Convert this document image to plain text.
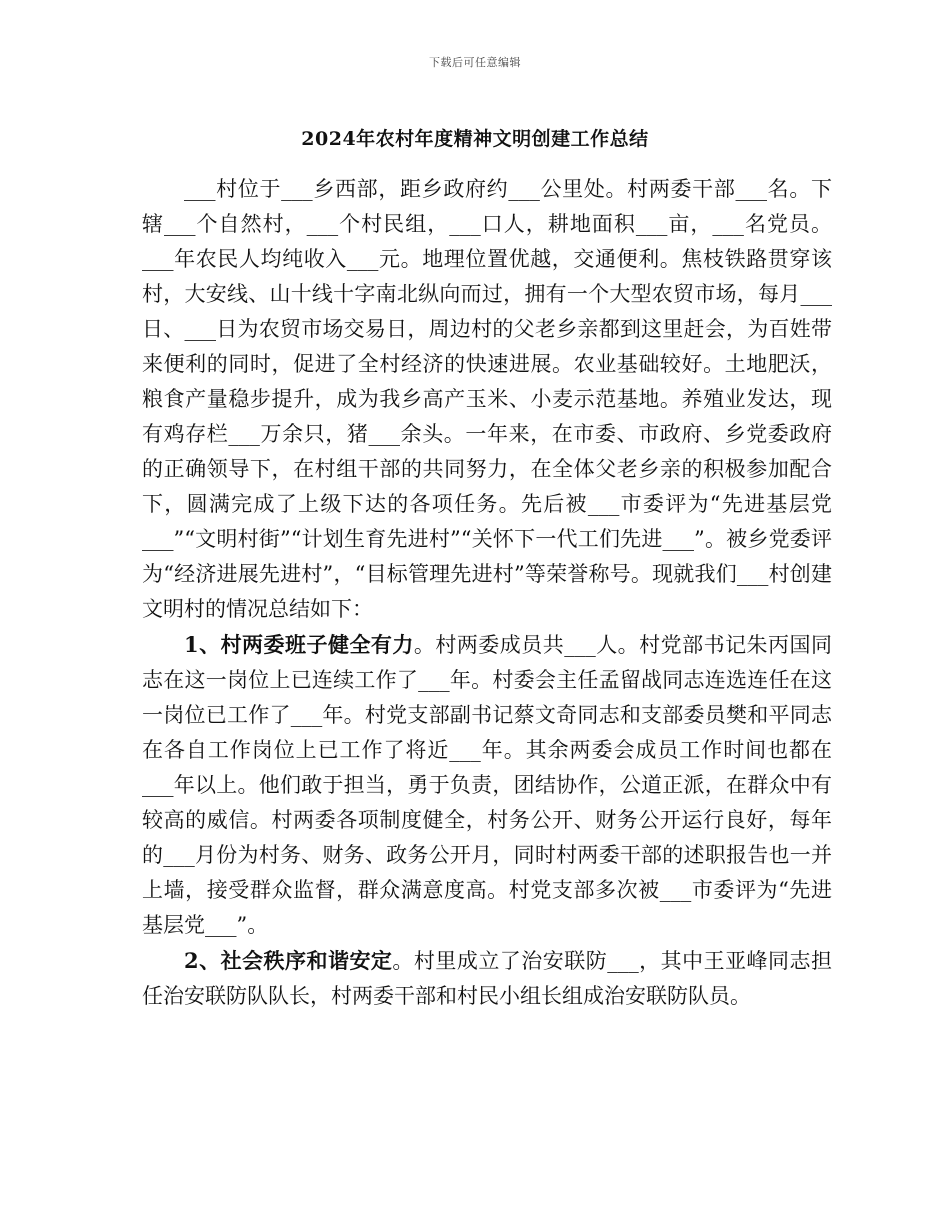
下载后可任意编辑
2024年农村年度精神文明创建工作总结

___村位于___乡西部，距乡政府约___公里处。村两委干部___名。下辖___个自然村，___个村民组，___口人，耕地面积___亩，___名党员。___年农民人均纯收入___元。地理位置优越，交通便利。焦枝铁路贯穿该村，大安线、山十线十字南北纵向而过，拥有一个大型农贸市场，每月___日、___日为农贸市场交易日，周边村的父老乡亲都到这里赶会，为百姓带来便利的同时，促进了全村经济的快速进展。农业基础较好。土地肥沃，粮食产量稳步提升，成为我乡高产玉米、小麦示范基地。养殖业发达，现有鸡存栏___万余只，猪___余头。一年来，在市委、市政府、乡党委政府的正确领导下，在村组干部的共同努力，在全体父老乡亲的积极参加配合下，圆满完成了上级下达的各项任务。先后被___市委评为“先进基层党___”“文明村街”“计划生育先进村”“关怀下一代工们先进___”。被乡党委评为“经济进展先进村”，“目标管理先进村”等荣誉称号。现就我们___村创建文明村的情况总结如下：

1、村两委班子健全有力。村两委成员共___人。村党部书记朱丙国同志在这一岗位上已连续工作了___年。村委会主任孟留战同志连选连任在这一岗位已工作了___年。村党支部副书记蔡文奇同志和支部委员樊和平同志在各自工作岗位上已工作了将近___年。其余两委会成员工作时间也都在___年以上。他们敢于担当，勇于负责，团结协作，公道正派，在群众中有较高的威信。村两委各项制度健全，村务公开、财务公开运行良好，每年的___月份为村务、财务、政务公开月，同时村两委干部的述职报告也一并上墙，接受群众监督，群众满意度高。村党支部多次被___市委评为“先进基层党___”。

2、社会秩序和谐安定。村里成立了治安联防___，其中王亚峰同志担任治安联防队队长，村两委干部和村民小组长组成治安联防队员。
